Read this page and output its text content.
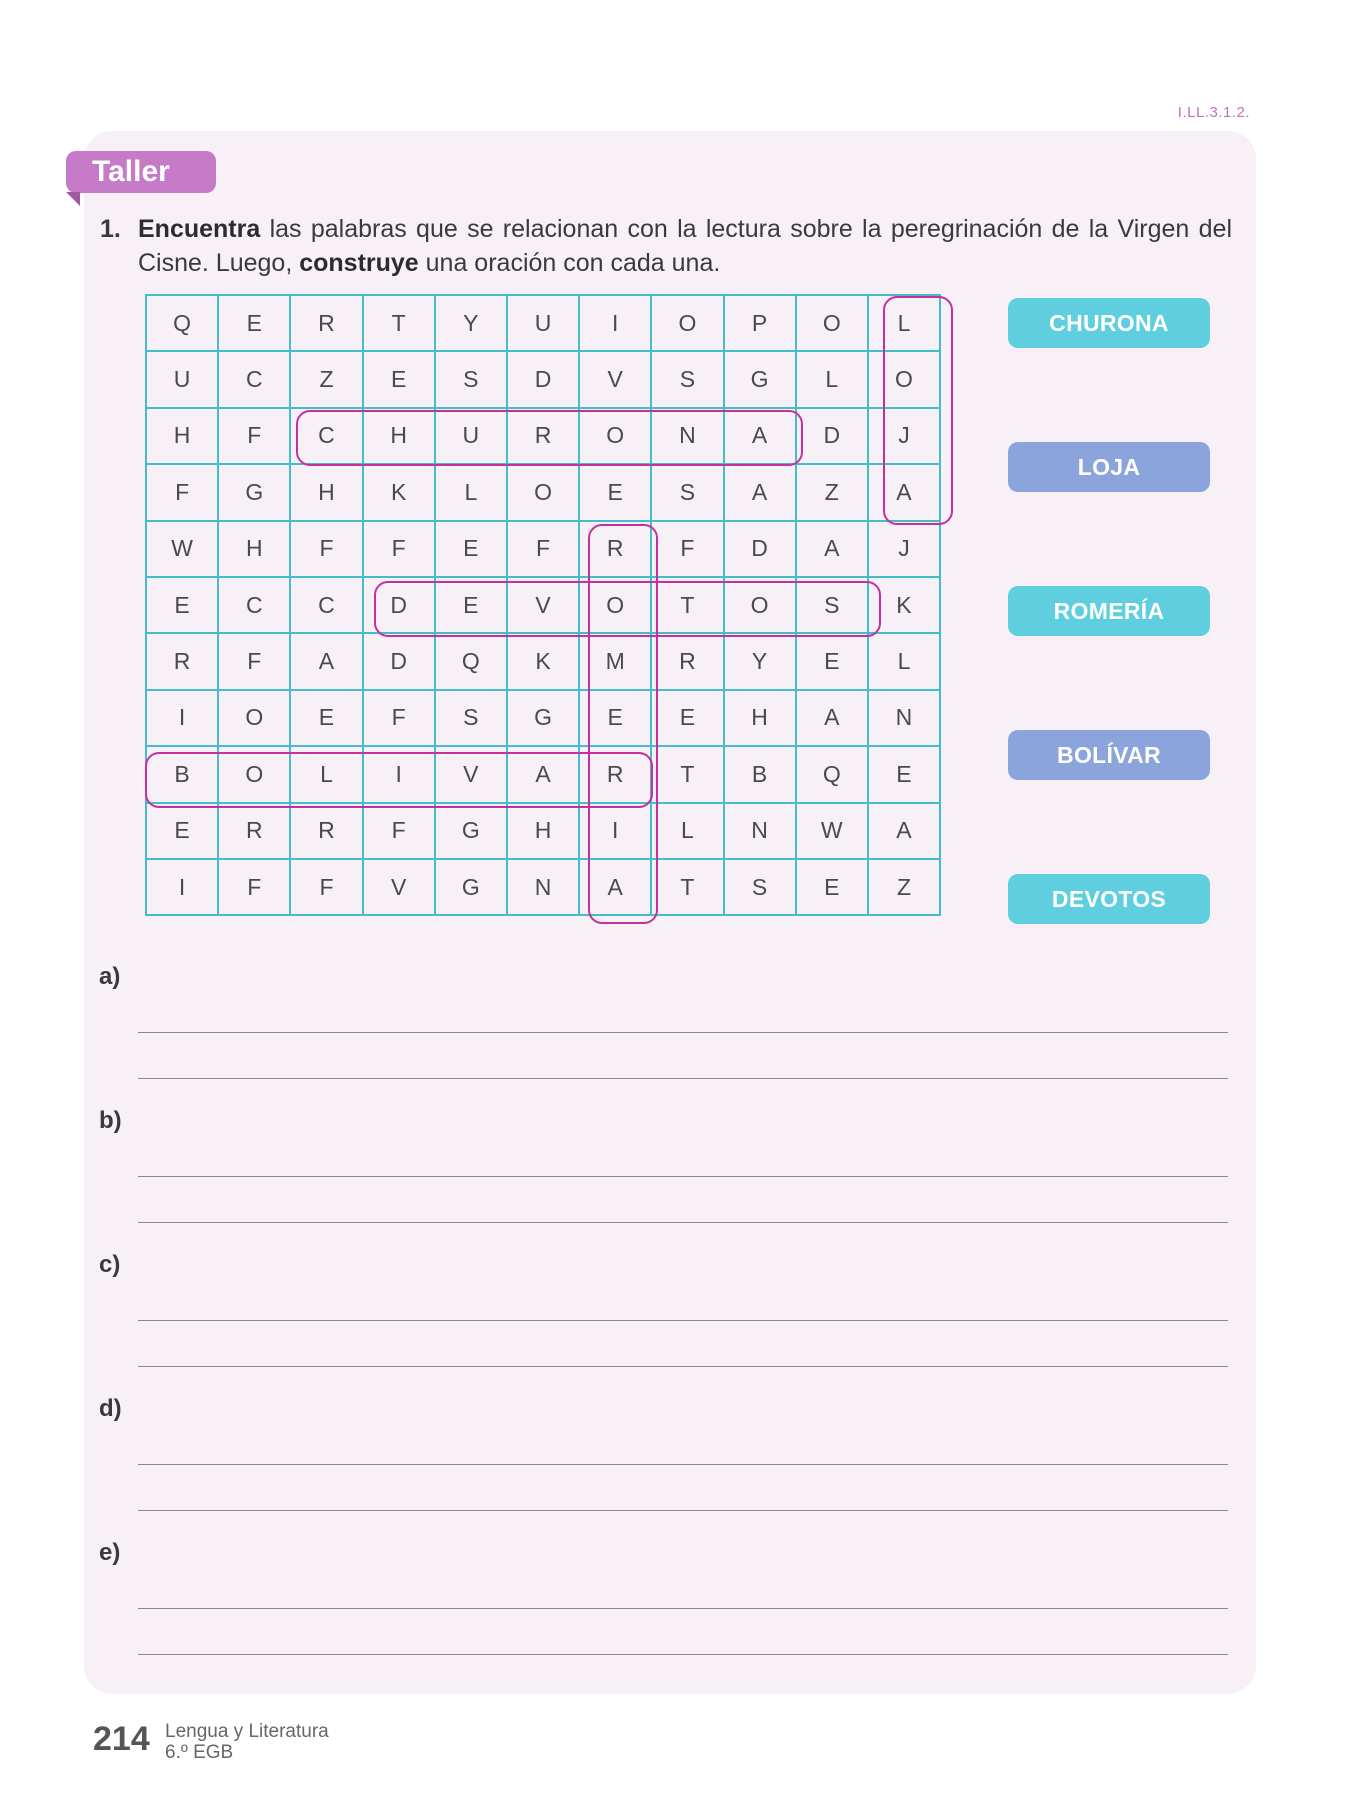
I.LL.3.1.2.
Taller
1. Encuentra las palabras que se relacionan con la lectura sobre la peregrinación de la Virgen del Cisne. Luego, construye una oración con cada una.
Q	E	R	T	Y	U	I	O	P	O	L
U	C	Z	E	S	D	V	S	G	L	O
H	F	C	H	U	R	O	N	A	D	J
F	G	H	K	L	O	E	S	A	Z	A
W	H	F	F	E	F	R	F	D	A	J
E	C	C	D	E	V	O	T	O	S	K
R	F	A	D	Q	K	M	R	Y	E	L
I	O	E	F	S	G	E	E	H	A	N
B	O	L	I	V	A	R	T	B	Q	E
E	R	R	F	G	H	I	L	N	W	A
I	F	F	V	G	N	A	T	S	E	Z
CHURONA
LOJA
ROMERÍA
BOLÍVAR
DEVOTOS
a)
b)
c)
d)
e)
214 Lengua y Literatura
6.º EGB
